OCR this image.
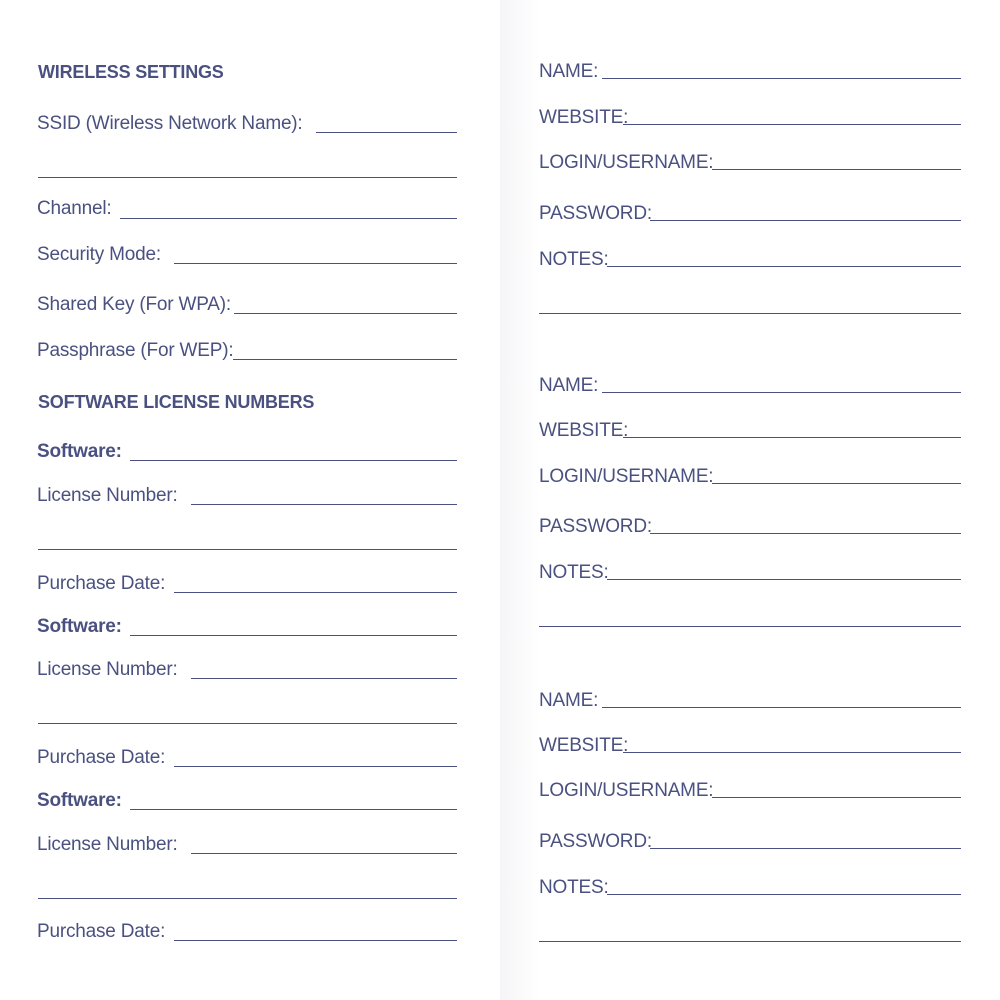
WIRELESS SETTINGS
SSID (Wireless Network Name):
Channel:
Security Mode:
Shared Key (For WPA):
Passphrase (For WEP):
SOFTWARE LICENSE NUMBERS
Software:
License Number:
Purchase Date:
Software:
License Number:
Purchase Date:
Software:
License Number:
Purchase Date:
NAME:
WEBSITE:
LOGIN/USERNAME:
PASSWORD:
NOTES:
NAME:
WEBSITE:
LOGIN/USERNAME:
PASSWORD:
NOTES:
NAME:
WEBSITE:
LOGIN/USERNAME:
PASSWORD:
NOTES:
